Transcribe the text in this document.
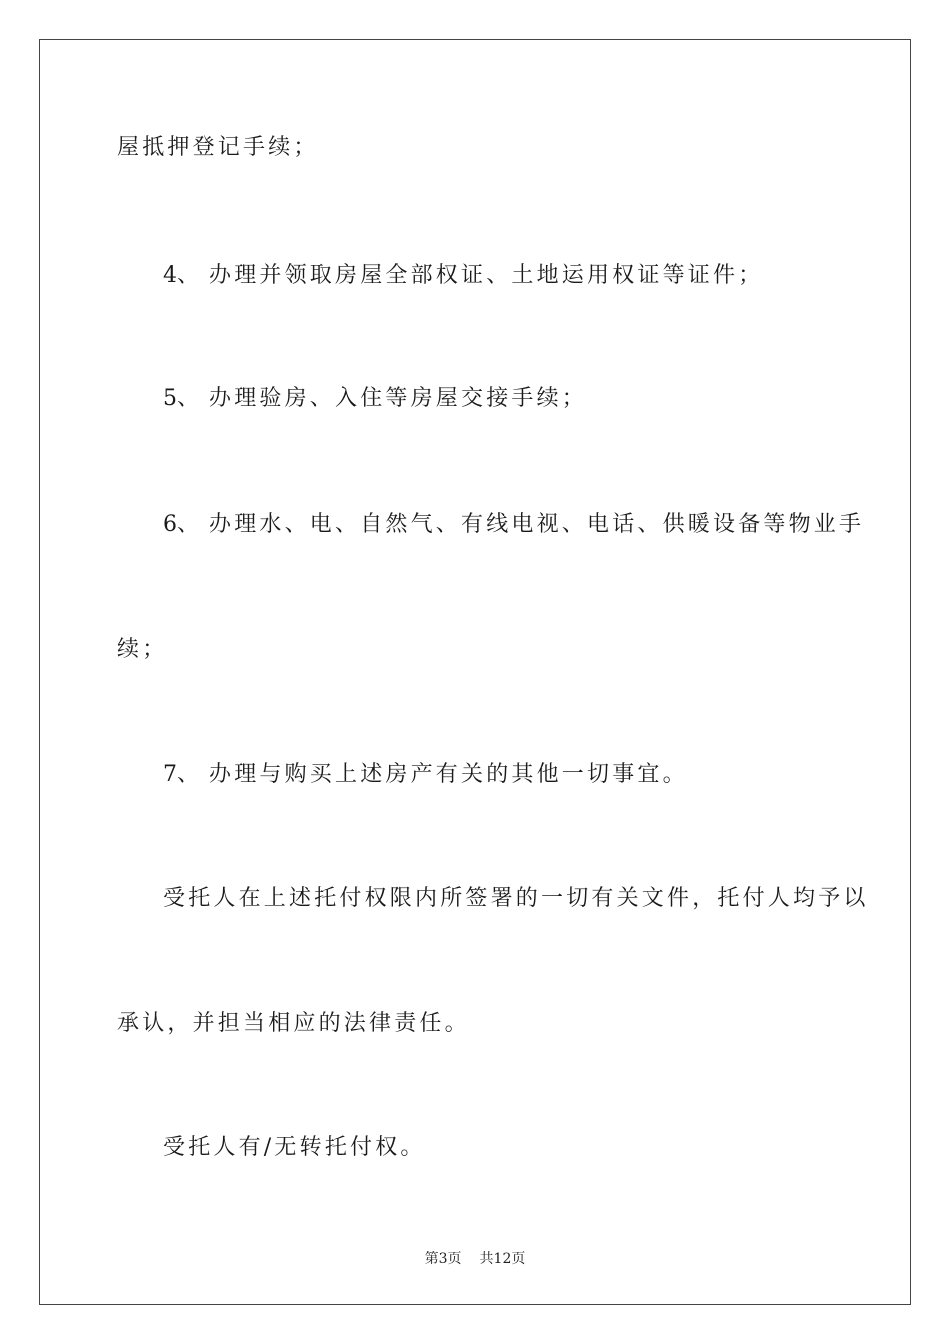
屋抵押登记手续；
4、 办理并领取房屋全部权证、土地运用权证等证件；
5、 办理验房、入住等房屋交接手续；
6、 办理水、电、自然气、有线电视、电话、供暖设备等物业手
续；
7、 办理与购买上述房产有关的其他一切事宜。
受托人在上述托付权限内所签署的一切有关文件，托付人均予以
承认，并担当相应的法律责任。
受托人有/无转托付权。
第3页 共12页
